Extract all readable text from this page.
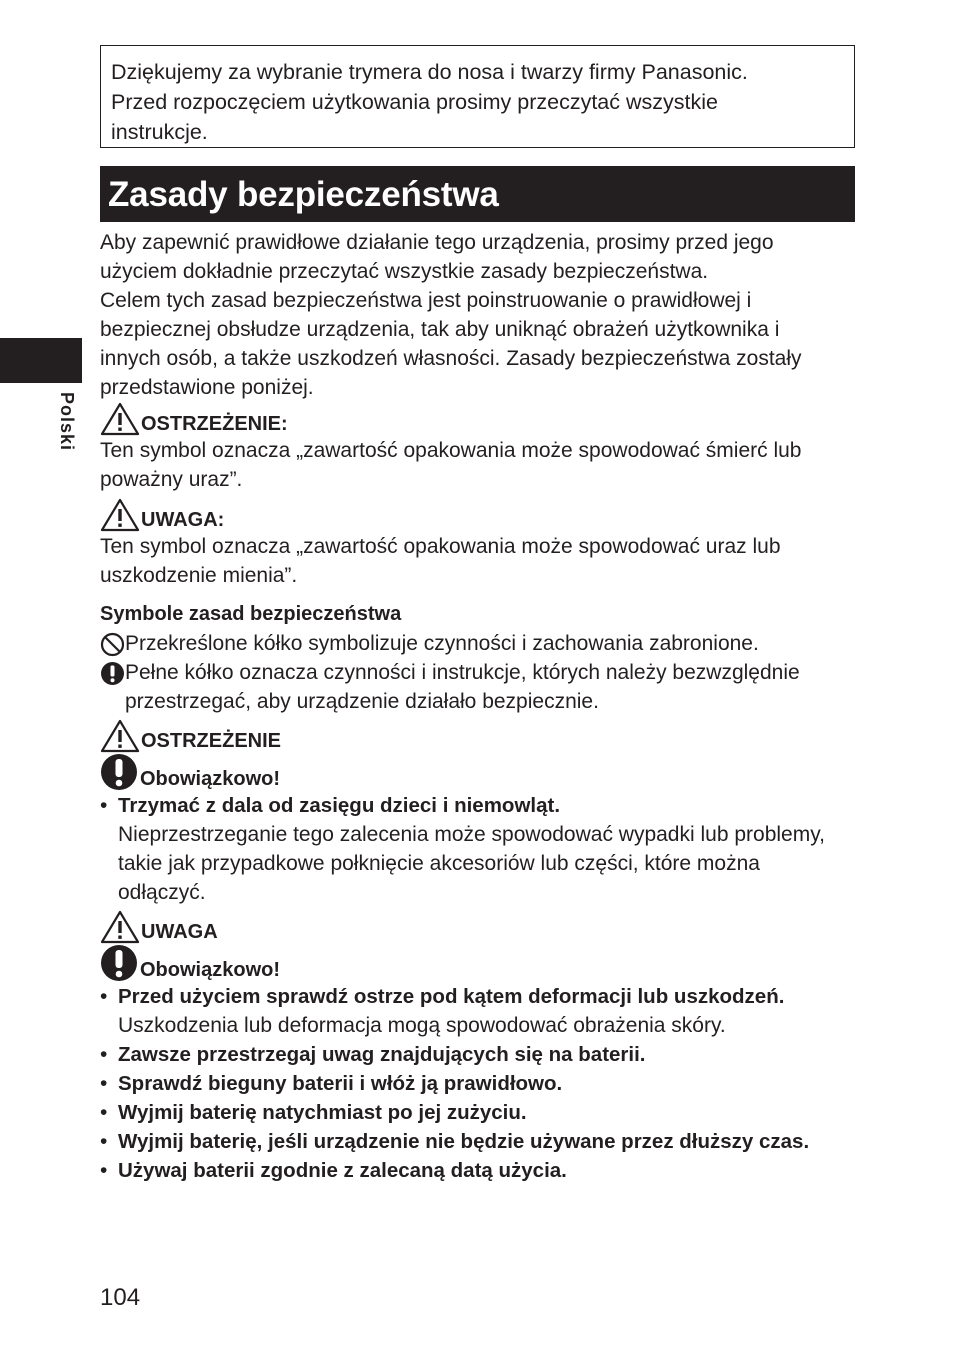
Dziękujemy za wybranie trymera do nosa i twarzy firmy Panasonic.
Przed rozpoczęciem użytkowania prosimy przeczytać wszystkie
instrukcje.
Zasady bezpieczeństwa
Polski
Aby zapewnić prawidłowe działanie tego urządzenia, prosimy przed jego
użyciem dokładnie przeczytać wszystkie zasady bezpieczeństwa.
Celem tych zasad bezpieczeństwa jest poinstruowanie o prawidłowej i
bezpiecznej obsłudze urządzenia, tak aby uniknąć obrażeń użytkownika i
innych osób, a także uszkodzeń własności. Zasady bezpieczeństwa zostały
przedstawione poniżej.
OSTRZEŻENIE:
Ten symbol oznacza „zawartość opakowania może spowodować śmierć lub
poważny uraz”.
UWAGA:
Ten symbol oznacza „zawartość opakowania może spowodować uraz lub
uszkodzenie mienia”.
Symbole zasad bezpieczeństwa
Przekreślone kółko symbolizuje czynności i zachowania zabronione.
Pełne kółko oznacza czynności i instrukcje, których należy bezwzględnie
przestrzegać, aby urządzenie działało bezpiecznie.
OSTRZEŻENIE
Obowiązkowo!
• Trzymać z dala od zasięgu dzieci i niemowląt.
Nieprzestrzeganie tego zalecenia może spowodować wypadki lub problemy,
takie jak przypadkowe połknięcie akcesoriów lub części, które można
odłączyć.
UWAGA
Obowiązkowo!
• Przed użyciem sprawdź ostrze pod kątem deformacji lub uszkodzeń.
Uszkodzenia lub deformacja mogą spowodować obrażenia skóry.
• Zawsze przestrzegaj uwag znajdujących się na baterii.
• Sprawdź bieguny baterii i włóż ją prawidłowo.
• Wyjmij baterię natychmiast po jej zużyciu.
• Wyjmij baterię, jeśli urządzenie nie będzie używane przez dłuższy czas.
• Używaj baterii zgodnie z zalecaną datą użycia.
104
